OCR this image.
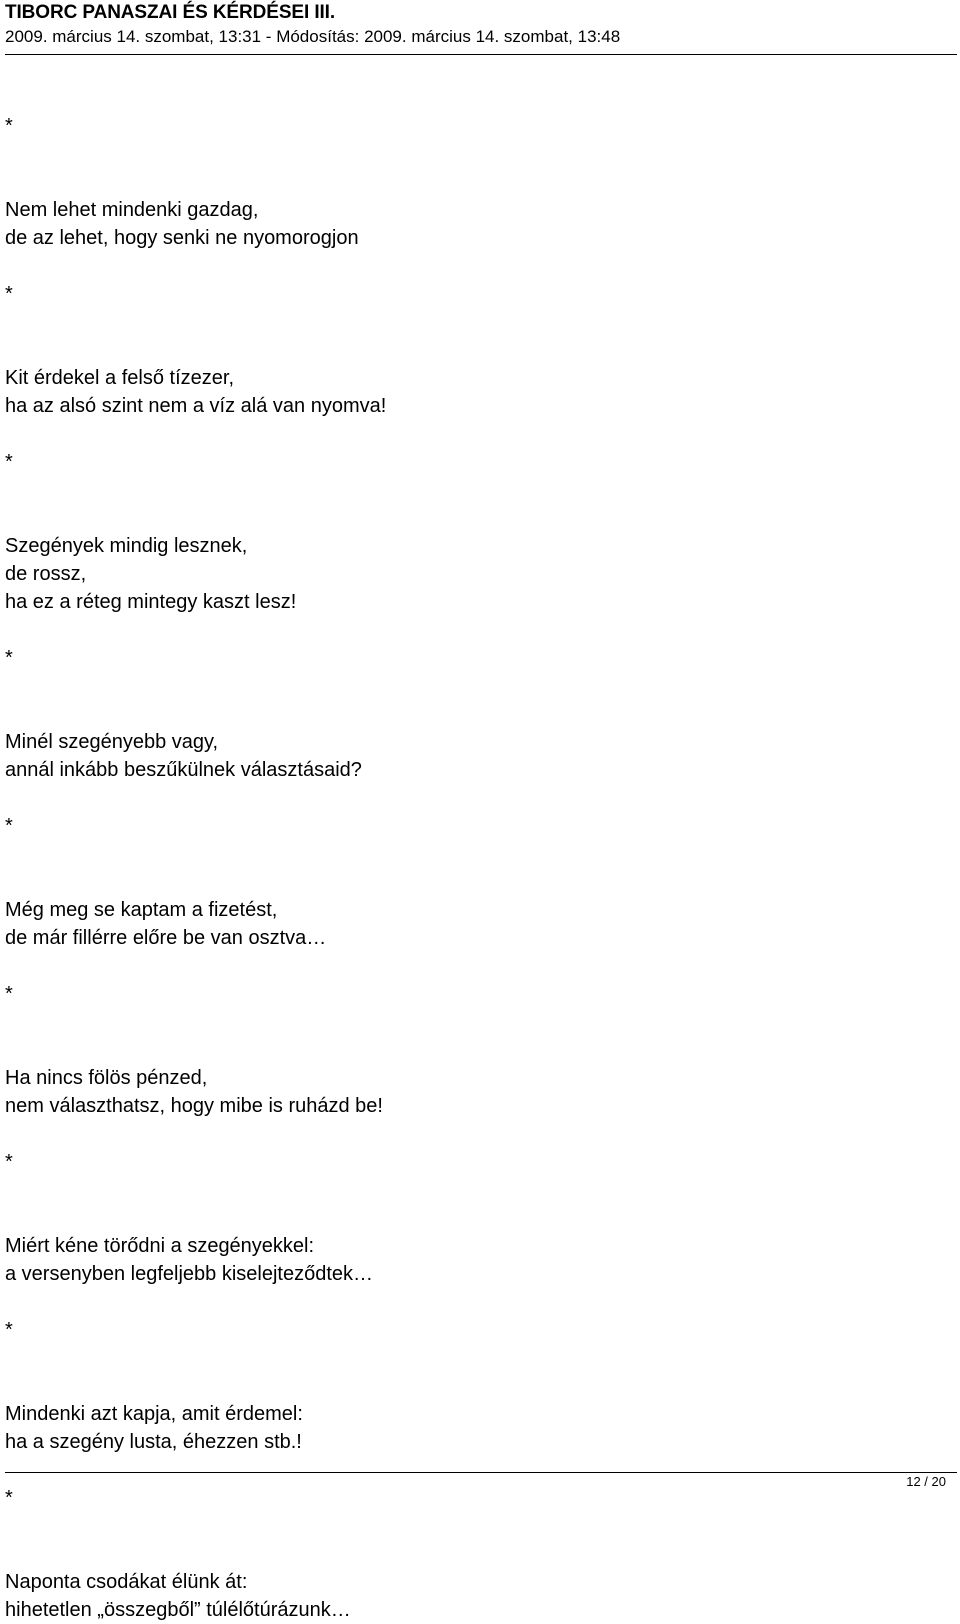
TIBORC PANASZAI ÉS KÉRDÉSEI III.
2009. március 14. szombat, 13:31 - Módosítás: 2009. március 14. szombat, 13:48
*
Nem lehet mindenki gazdag,
de az lehet, hogy senki ne nyomorogjon
*
Kit érdekel a felső tízezer,
ha az alsó szint nem a víz alá van nyomva!
*
Szegények mindig lesznek,
de rossz,
ha ez a réteg mintegy kaszt lesz!
*
Minél szegényebb vagy,
annál inkább beszűkülnek választásaid?
*
Még meg se kaptam a fizetést,
de már fillérre előre be van osztva…
*
Ha nincs fölös pénzed,
nem választhatsz, hogy mibe is ruházd be!
*
Miért kéne törődni a szegényekkel:
a versenyben legfeljebb kiselejteződtek…
*
Mindenki azt kapja, amit érdemel:
ha a szegény lusta, éhezzen stb.!
*
Naponta csodákat élünk át:
hihetetlen „összegből” túlélőtúrázunk…
12 / 20
